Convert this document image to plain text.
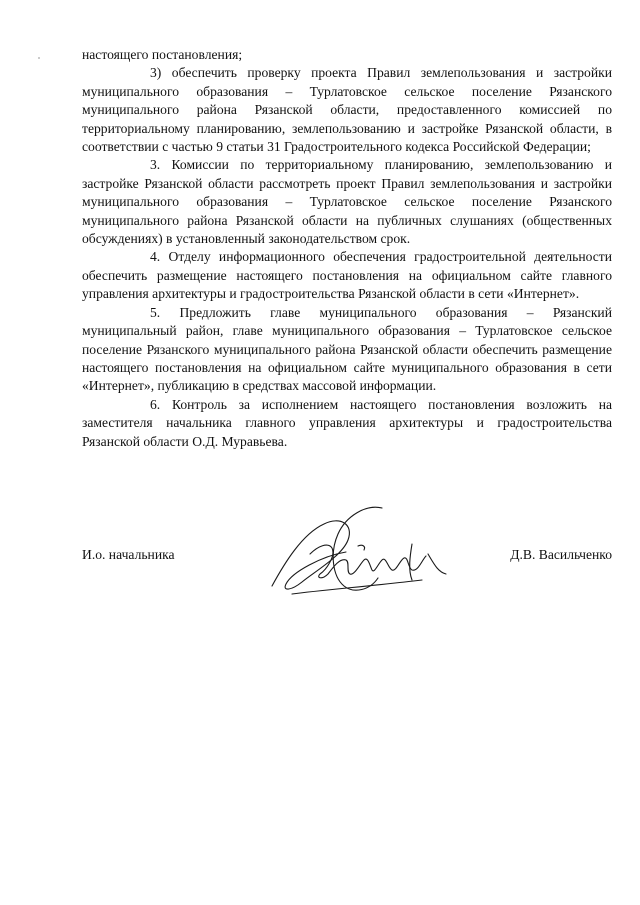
настоящего постановления;

3) обеспечить проверку проекта Правил землепользования и застройки муниципального образования – Турлатовское сельское поселение Рязанского муниципального района Рязанской области, предоставленного комиссией по территориальному планированию, землепользованию и застройке Рязанской области, в соответствии с частью 9 статьи 31 Градостроительного кодекса Российской Федерации;

3. Комиссии по территориальному планированию, землепользованию и застройке Рязанской области рассмотреть проект Правил землепользования и застройки муниципального образования – Турлатовское сельское поселение Рязанского муниципального района Рязанской области на публичных слушаниях (общественных обсуждениях) в установленный законодательством срок.

4. Отделу информационного обеспечения градостроительной деятельности обеспечить размещение настоящего постановления на официальном сайте главного управления архитектуры и градостроительства Рязанской области в сети «Интернет».

5. Предложить главе муниципального образования – Рязанский муниципальный район, главе муниципального образования – Турлатовское сельское поселение Рязанского муниципального района Рязанской области обеспечить размещение настоящего постановления на официальном сайте муниципального образования в сети «Интернет», публикацию в средствах массовой информации.

6. Контроль за исполнением настоящего постановления возложить на заместителя начальника главного управления архитектуры и градостроительства Рязанской области О.Д. Муравьева.

И.о. начальника	Д.В. Васильченко
